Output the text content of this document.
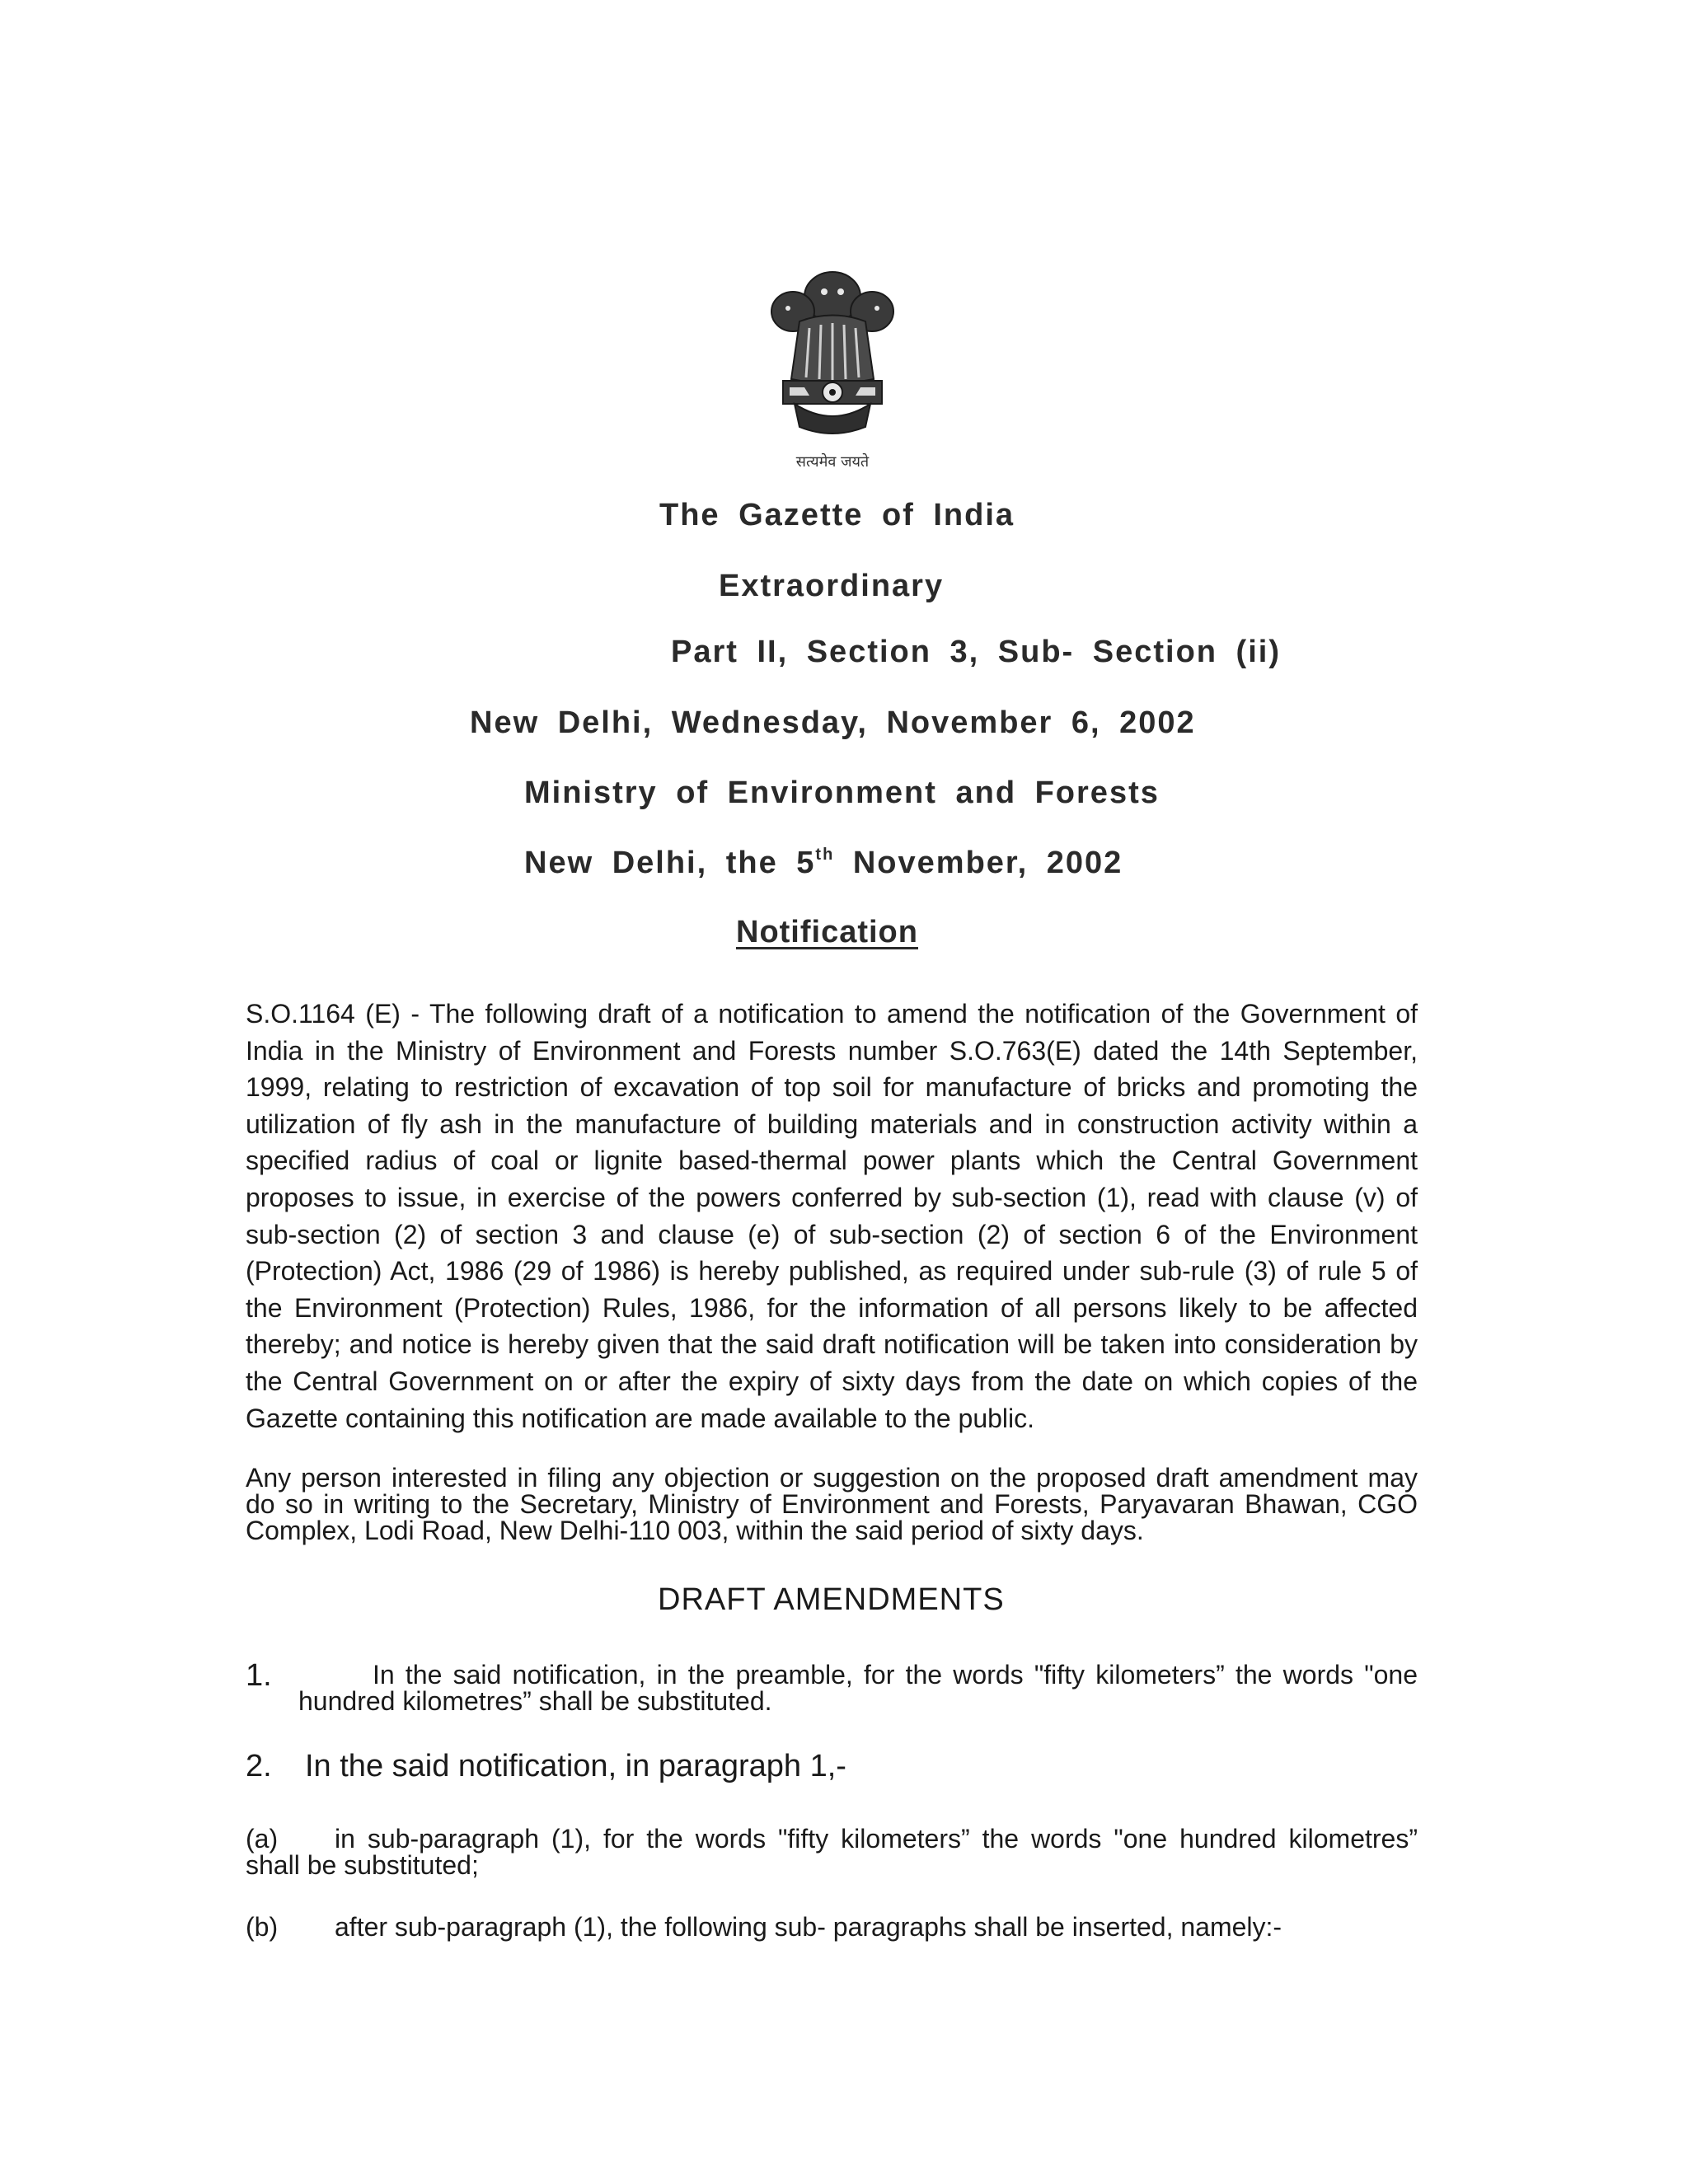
सत्यमेव जयते
The Gazette of India
Extraordinary
Part II, Section 3, Sub- Section (ii)
New Delhi, Wednesday, November 6, 2002
Ministry of Environment and Forests
New Delhi, the 5th November, 2002
Notification
S.O.1164 (E) - The following draft of a notification to amend the notification of the Government of India in the Ministry of Environment and Forests number S.O.763(E) dated the 14th September, 1999, relating to restriction of excavation of top soil for manufacture of bricks and promoting the utilization of fly ash in the manufacture of building materials and in construction activity within a specified radius of coal or lignite based-thermal power plants which the Central Government proposes to issue, in exercise of the powers conferred by sub-section (1), read with clause (v) of sub-section (2) of section 3 and clause (e) of sub-section (2) of section 6 of the Environment (Protection) Act, 1986 (29 of 1986) is hereby published, as required under sub-rule (3) of rule 5 of the Environment (Protection) Rules, 1986, for the information of all persons likely to be affected thereby; and notice is hereby given that the said draft notification will be taken into consideration by the Central Government on or after the expiry of sixty days from the date on which copies of the Gazette containing this notification are made available to the public.
Any person interested in filing any objection or suggestion on the proposed draft amendment may do so in writing to the Secretary, Ministry of Environment and Forests, Paryavaran Bhawan, CGO Complex, Lodi Road, New Delhi-110 003, within the said period of sixty days.
DRAFT AMENDMENTS
1.	In the said notification, in the preamble, for the words "fifty kilometers” the words "one hundred kilometres” shall be substituted.
2. In the said notification, in paragraph 1,-
(a) in sub-paragraph (1), for the words "fifty kilometers” the words "one hundred kilometres” shall be substituted;
(b) after sub-paragraph (1), the following sub- paragraphs shall be inserted, namely:-
